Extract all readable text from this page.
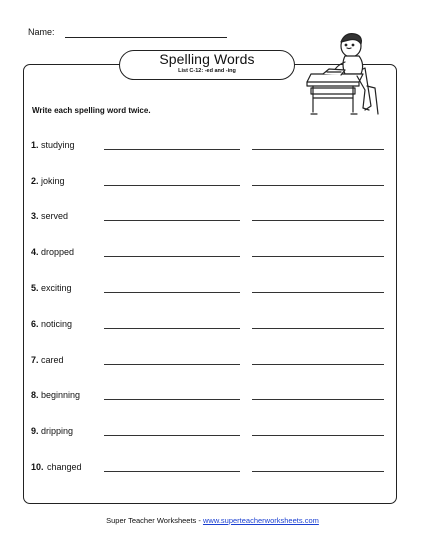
Name:
Spelling Words
List C-12: -ed and -ing
Write each spelling word twice.
1. studying
2. joking
3. served
4. dropped
5. exciting
6. noticing
7. cared
8. beginning
9. dripping
10. changed
Super Teacher Worksheets - www.superteacherworksheets.com
